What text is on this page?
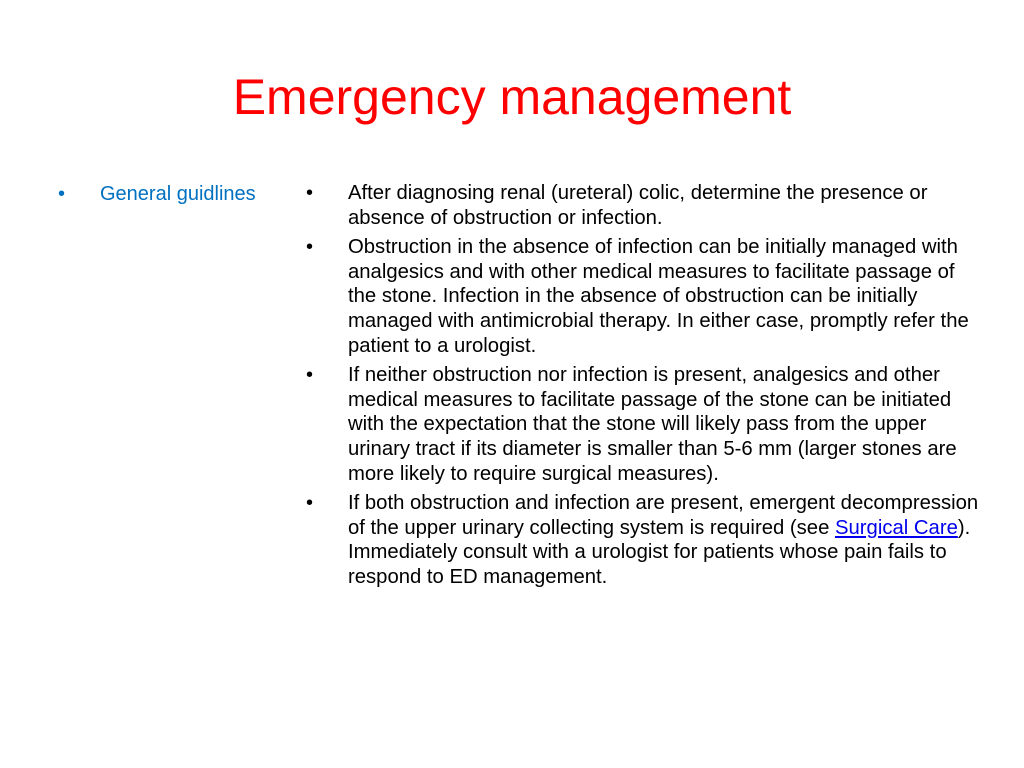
Emergency management
•	General guidlines	•	After diagnosing renal (ureteral) colic, determine the presence or absence of obstruction or infection.
•	Obstruction in the absence of infection can be initially managed with analgesics and with other medical measures to facilitate passage of the stone. Infection in the absence of obstruction can be initially managed with antimicrobial therapy. In either case, promptly refer the patient to a urologist.
•	If neither obstruction nor infection is present, analgesics and other medical measures to facilitate passage of the stone can be initiated with the expectation that the stone will likely pass from the upper urinary tract if its diameter is smaller than 5-6 mm (larger stones are more likely to require surgical measures).
•	If both obstruction and infection are present, emergent decompression of the upper urinary collecting system is required (see Surgical Care). Immediately consult with a urologist for patients whose pain fails to respond to ED management.
